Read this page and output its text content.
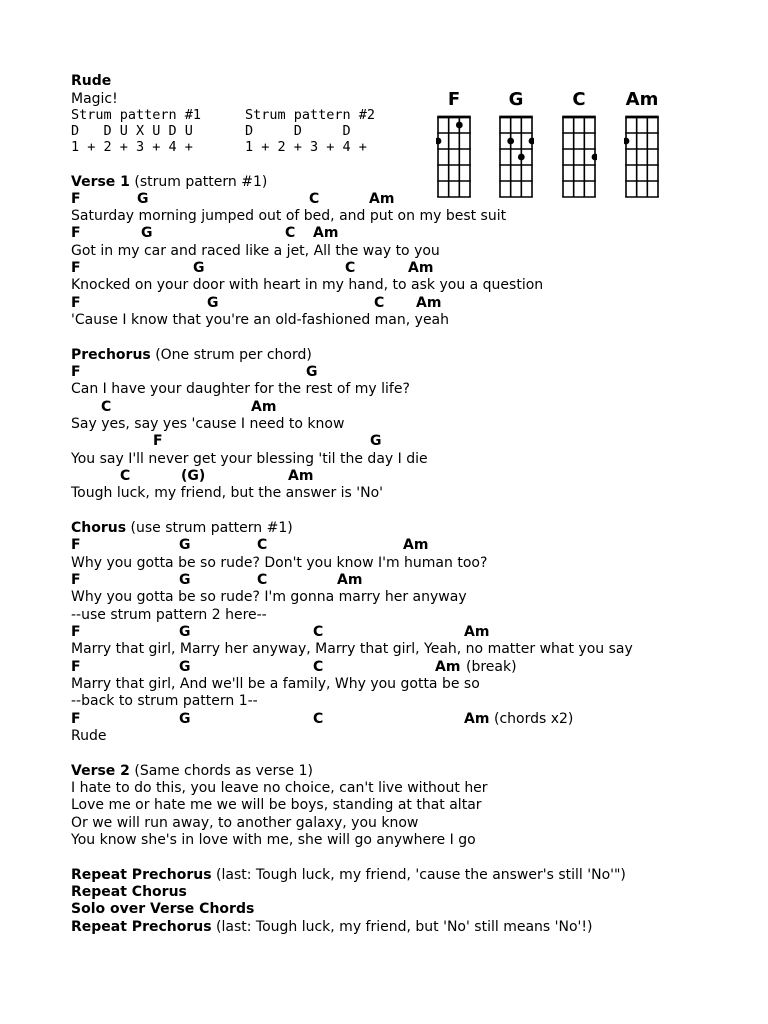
Rude
Magic!
Strum pattern #1
D   D U X U D U
1 + 2 + 3 + 4 +
Strum pattern #2
D     D     D
1 + 2 + 3 + 4 +
F	G	C	Am
Verse 1 (strum pattern #1)
F	G	C	Am
Saturday morning jumped out of bed, and put on my best suit
F	G	C Am
Got in my car and raced like a jet, All the way to you
F	G	C	Am
Knocked on your door with heart in my hand, to ask you a question
F	G	C Am
'Cause I know that you're an old-fashioned man, yeah
Prechorus (One strum per chord)
F	G
Can I have your daughter for the rest of my life?
C	Am
Say yes, say yes 'cause I need to know
F	G
You say I'll never get your blessing 'til the day I die
C	(G)	Am
Tough luck, my friend, but the answer is 'No'
Chorus (use strum pattern #1)
F	G	C	Am
Why you gotta be so rude? Don't you know I'm human too?
F	G	C	Am
Why you gotta be so rude? I'm gonna marry her anyway
--use strum pattern 2 here--
F	G	C	Am
Marry that girl, Marry her anyway, Marry that girl, Yeah, no matter what you say
F	G	C	Am (break)
Marry that girl, And we'll be a family, Why you gotta be so
--back to strum pattern 1--
F	G	C	Am (chords x2)
Rude
Verse 2 (Same chords as verse 1)
I hate to do this, you leave no choice, can't live without her
Love me or hate me we will be boys, standing at that altar
Or we will run away, to another galaxy, you know
You know she's in love with me, she will go anywhere I go
Repeat Prechorus (last: Tough luck, my friend, 'cause the answer's still 'No'")
Repeat Chorus
Solo over Verse Chords
Repeat Prechorus (last: Tough luck, my friend, but 'No' still means 'No'!)
